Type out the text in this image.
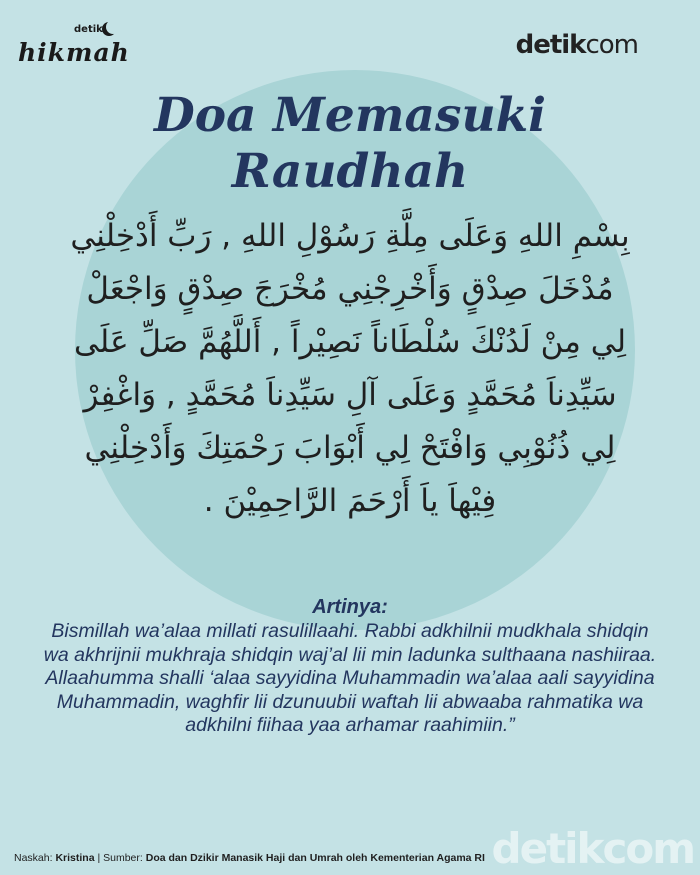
detik
hikmah	detikcom
Doa Memasuki
Raudhah
بِسْمِ اللهِ وَعَلَى مِلَّةِ رَسُوْلِ اللهِ , رَبِّ أَدْخِلْنِي
مُدْخَلَ صِدْقٍ وَأَخْرِجْنِي مُخْرَجَ صِدْقٍ وَاجْعَلْ
لِي مِنْ لَدُنْكَ سُلْطَاناً نَصِيْراً , أَللَّهُمَّ صَلِّ عَلَى
سَيِّدِناَ مُحَمَّدٍ وَعَلَى آلِ سَيِّدِناَ مُحَمَّدٍ , وَاغْفِرْ
لِي ذُنُوْبِي وَافْتَحْ لِي أَبْوَابَ رَحْمَتِكَ وَأَدْخِلْنِي
فِيْهاَ ياَ أَرْحَمَ الرَّاحِمِيْنَ .
Artinya:

Bismillah wa’alaa millati rasulillaahi. Rabbi adkhilnii mudkhala shidqin wa akhrijnii mukhraja shidqin waj’al lii min ladunka sulthaana nashiiraa. Allaahumma shalli ‘alaa sayyidina Muhammadin wa’alaa aali sayyidina Muhammadin, waghfir lii dzunuubii waftah lii abwaaba rahmatika wa adkhilni fiihaa yaa arhamar raahimiin.”

Naskah: Kristina | Sumber: Doa dan Dzikir Manasik Haji dan Umrah oleh Kementerian Agama RI detikcom
